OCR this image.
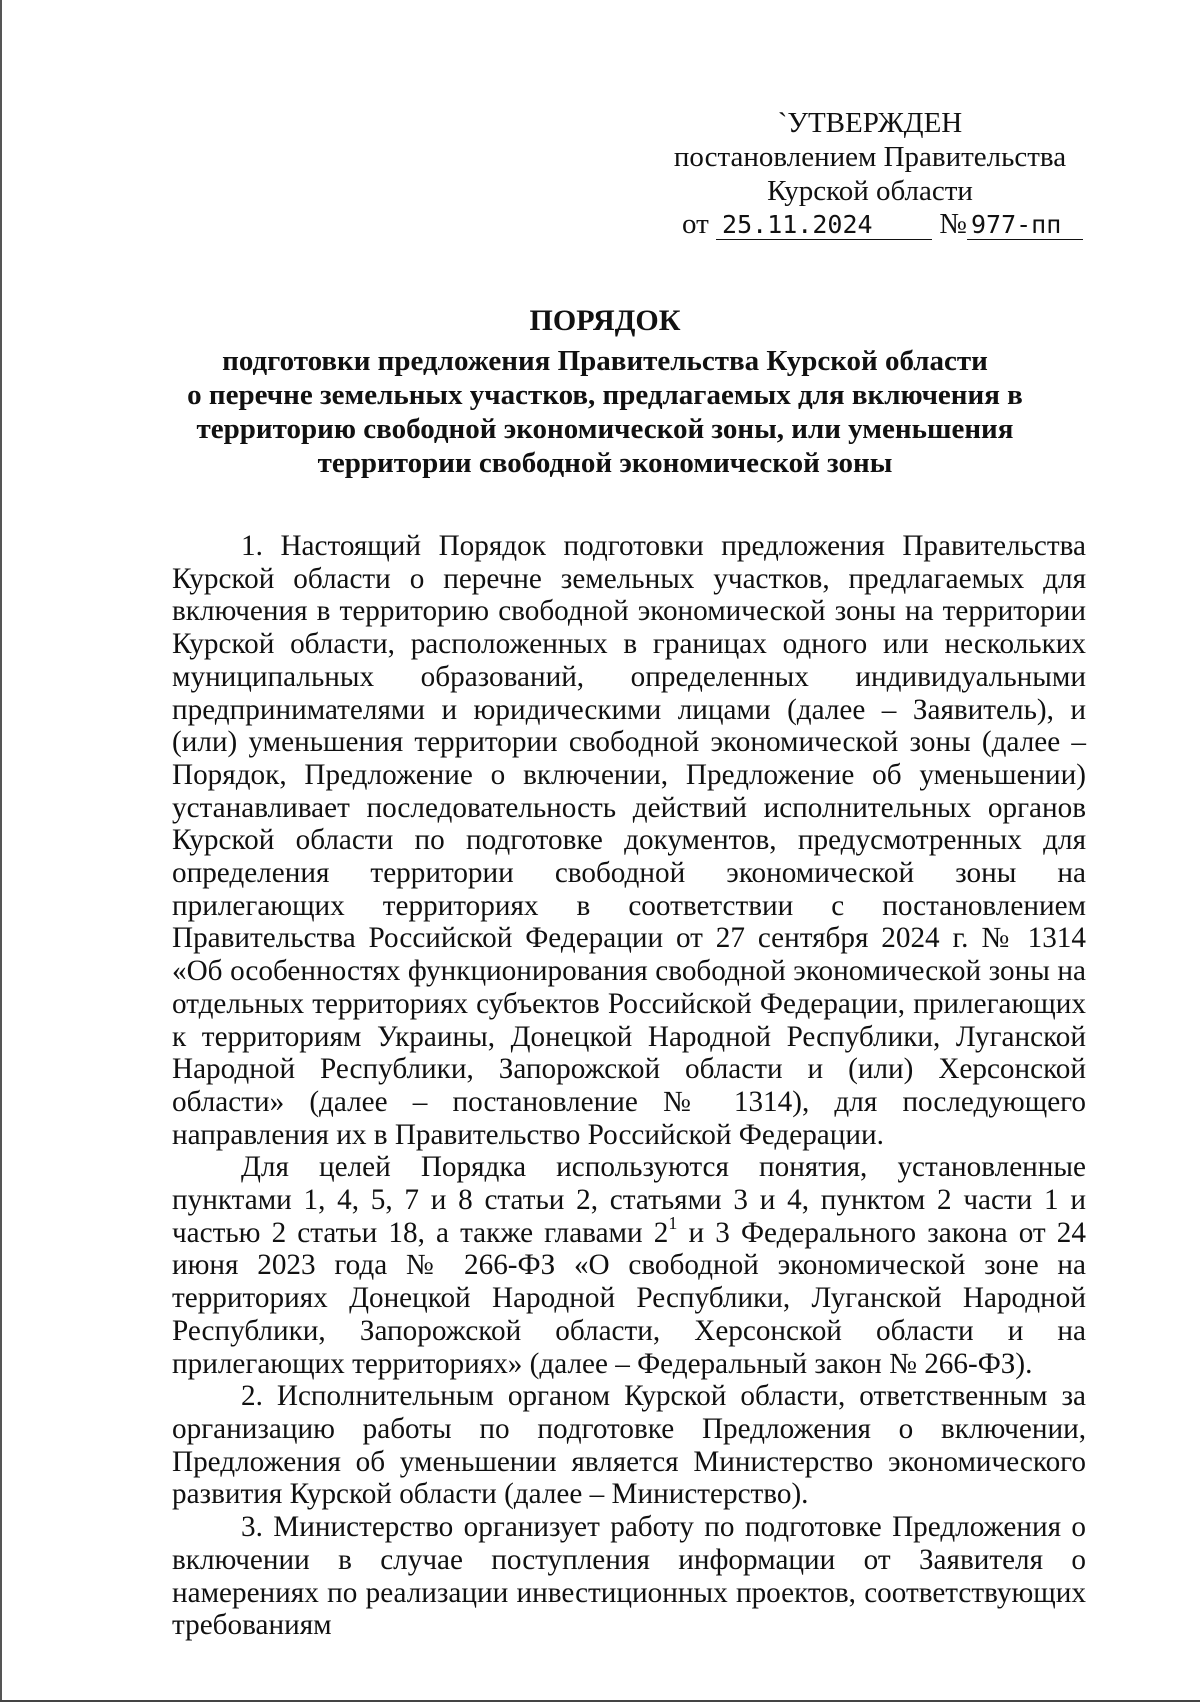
`УТВЕРЖДЕН
постановлением Правительства
Курской области
от 25.11.2024 № 977-пп
ПОРЯДОК
подготовки предложения Правительства Курской области
о перечне земельных участков, предлагаемых для включения в
территорию свободной экономической зоны, или уменьшения
территории свободной экономической зоны

1. Настоящий Порядок подготовки предложения Правительства Курской области о перечне земельных участков, предлагаемых для включения в территорию свободной экономической зоны на территории Курской области, расположенных в границах одного или нескольких муниципальных образований, определенных индивидуальными предпринимателями и юридическими лицами (далее – Заявитель), и (или) уменьшения территории свободной экономической зоны (далее – Порядок, Предложение о включении, Предложение об уменьшении) устанавливает последовательность действий исполнительных органов Курской области по подготовке документов, предусмотренных для определения территории свободной экономической зоны на прилегающих территориях в соответствии с постановлением Правительства Российской Федерации от 27 сентября 2024 г. № 1314 «Об особенностях функционирования свободной экономической зоны на отдельных территориях субъектов Российской Федерации, прилегающих к территориям Украины, Донецкой Народной Республики, Луганской Народной Республики, Запорожской области и (или) Херсонской области» (далее – постановление № 1314), для последующего направления их в Правительство Российской Федерации.

Для целей Порядка используются понятия, установленные пунктами 1, 4, 5, 7 и 8 статьи 2, статьями 3 и 4, пунктом 2 части 1 и частью 2 статьи 18, а также главами $2^1$ и 3 Федерального закона от 24 июня 2023 года № 266-ФЗ «О свободной экономической зоне на территориях Донецкой Народной Республики, Луганской Народной Республики, Запорожской области, Херсонской области и на прилегающих территориях» (далее – Федеральный закон № 266-ФЗ).

2. Исполнительным органом Курской области, ответственным за организацию работы по подготовке Предложения о включении, Предложения об уменьшении является Министерство экономического развития Курской области (далее – Министерство).

3. Министерство организует работу по подготовке Предложения о включении в случае поступления информации от Заявителя о намерениях по реализации инвестиционных проектов, соответствующих требованиям
